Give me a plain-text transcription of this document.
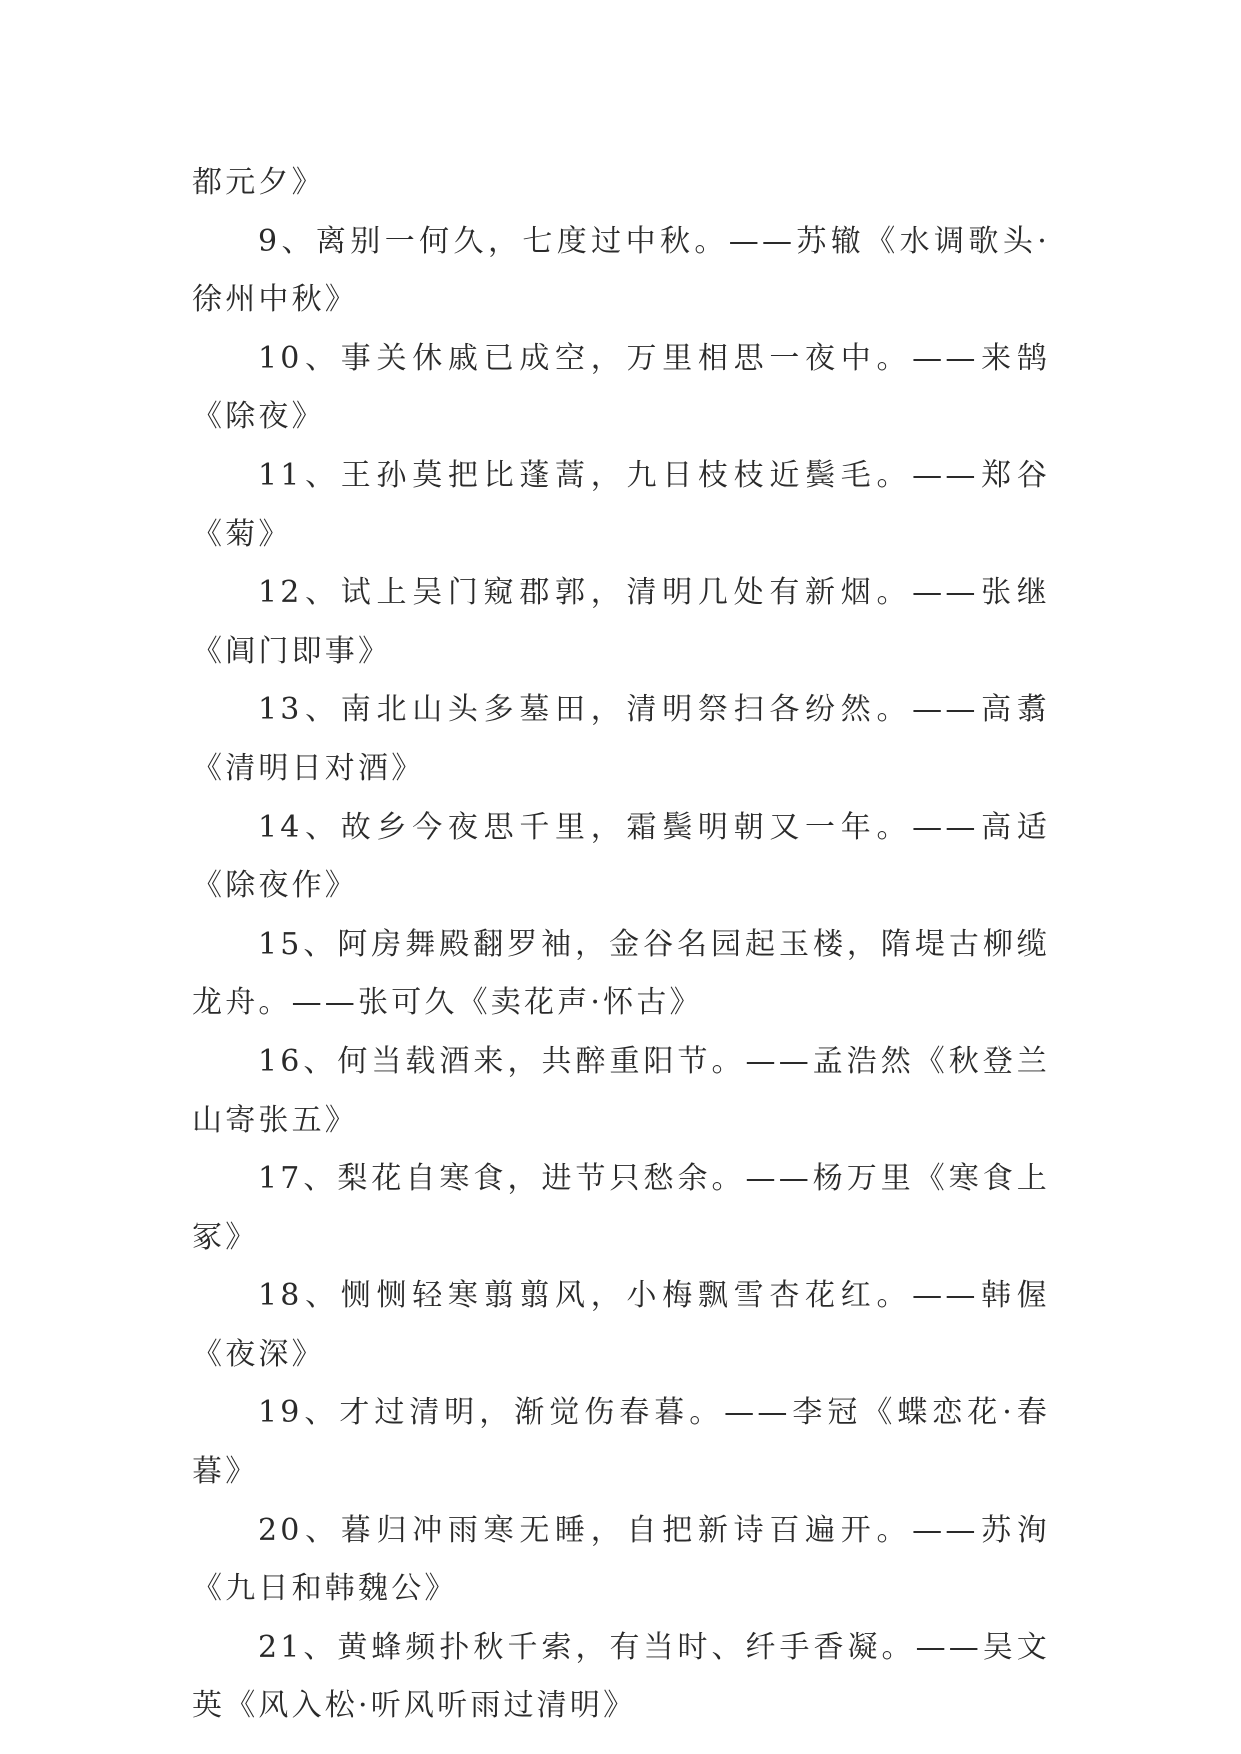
都元夕》

9、离别一何久，七度过中秋。——苏辙《水调歌头·徐州中秋》

10、事关休戚已成空，万里相思一夜中。——来鹄《除夜》

11、王孙莫把比蓬蒿，九日枝枝近鬓毛。——郑谷《菊》

12、试上吴门窥郡郭，清明几处有新烟。——张继《阊门即事》

13、南北山头多墓田，清明祭扫各纷然。——高翥《清明日对酒》

14、故乡今夜思千里，霜鬓明朝又一年。——高适《除夜作》

15、阿房舞殿翻罗袖，金谷名园起玉楼，隋堤古柳缆龙舟。——张可久《卖花声·怀古》

16、何当载酒来，共醉重阳节。——孟浩然《秋登兰山寄张五》

17、梨花自寒食，进节只愁余。——杨万里《寒食上冢》

18、恻恻轻寒翦翦风，小梅飘雪杏花红。——韩偓《夜深》

19、才过清明，渐觉伤春暮。——李冠《蝶恋花·春暮》

20、暮归冲雨寒无睡，自把新诗百遍开。——苏洵《九日和韩魏公》

21、黄蜂频扑秋千索，有当时、纤手香凝。——吴文英《风入松·听风听雨过清明》
